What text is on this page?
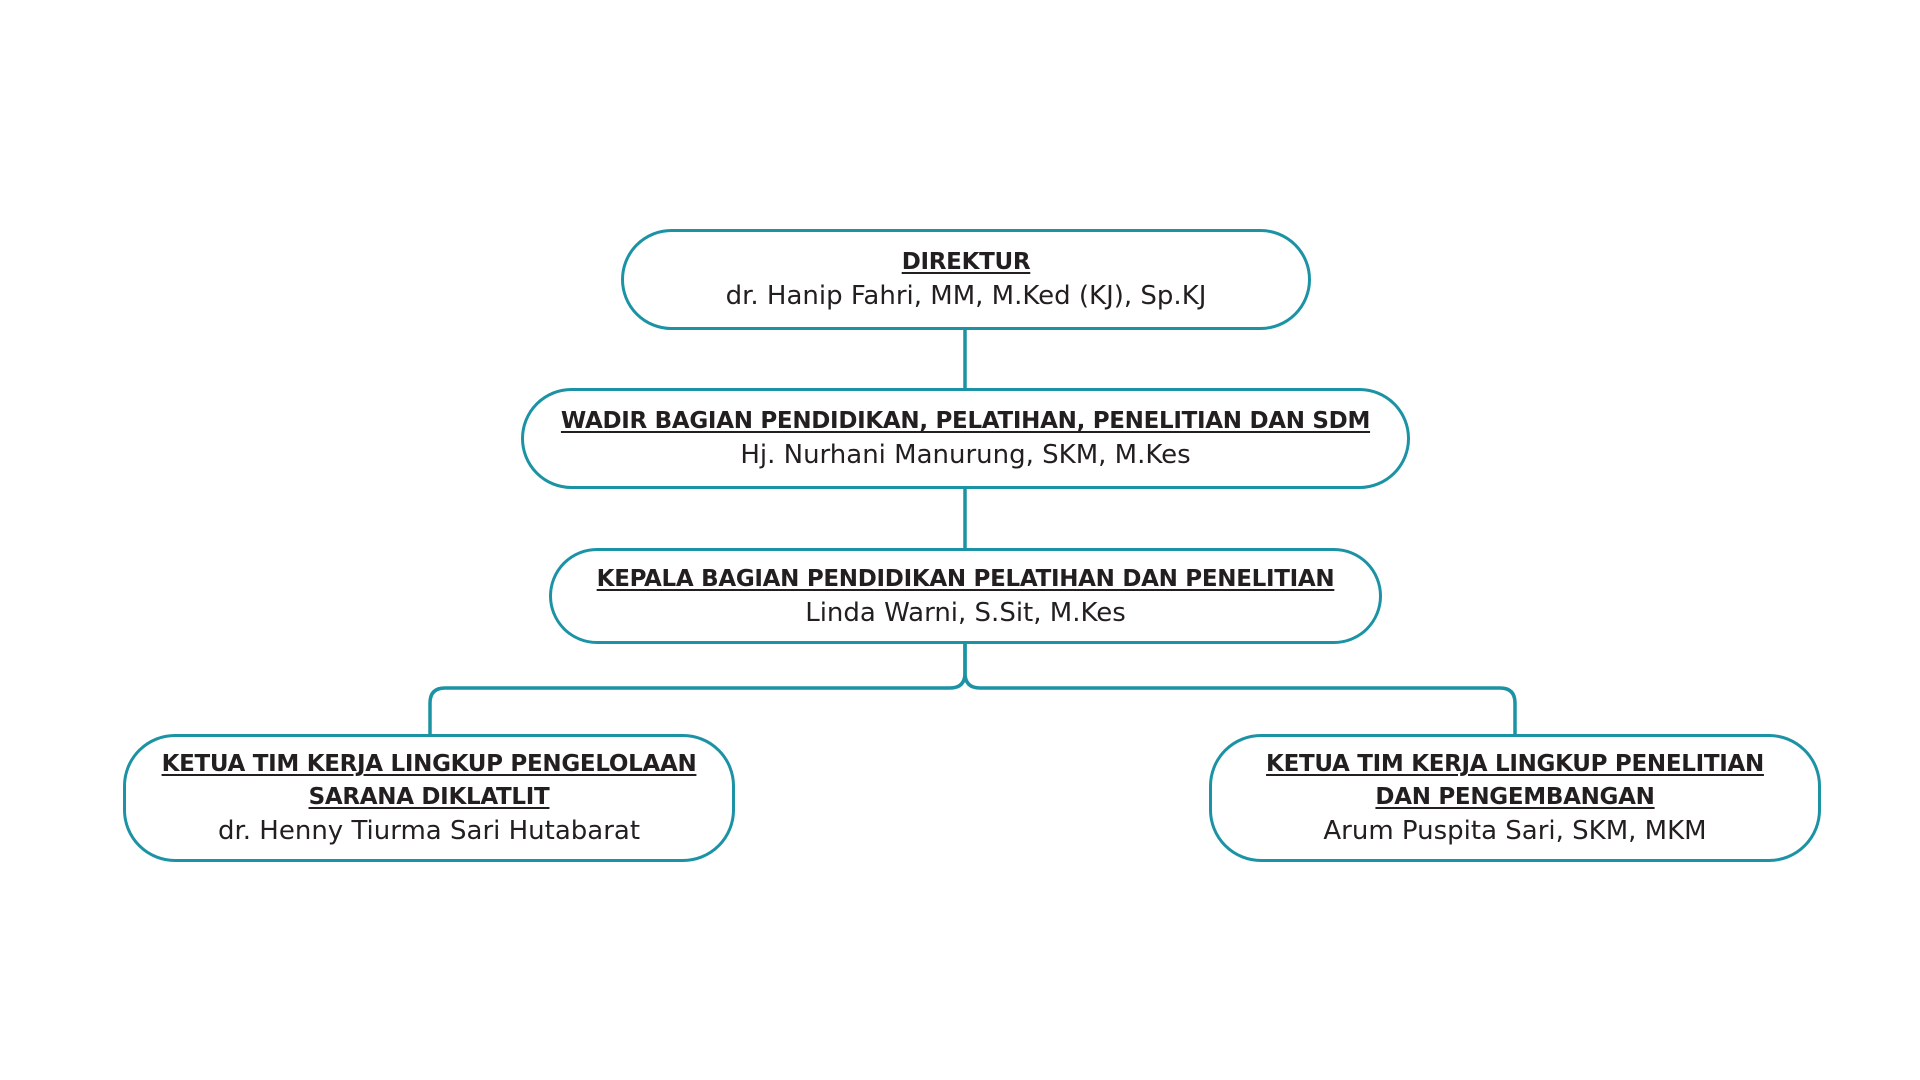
DIREKTUR
dr. Hanip Fahri, MM, M.Ked (KJ), Sp.KJ
WADIR BAGIAN PENDIDIKAN, PELATIHAN, PENELITIAN DAN SDM
Hj. Nurhani Manurung, SKM, M.Kes
KEPALA BAGIAN PENDIDIKAN PELATIHAN DAN PENELITIAN
Linda Warni, S.Sit, M.Kes
KETUA TIM KERJA LINGKUP PENGELOLAAN SARANA DIKLATLIT
dr. Henny Tiurma Sari Hutabarat
KETUA TIM KERJA LINGKUP PENELITIAN DAN PENGEMBANGAN
Arum Puspita Sari, SKM, MKM
